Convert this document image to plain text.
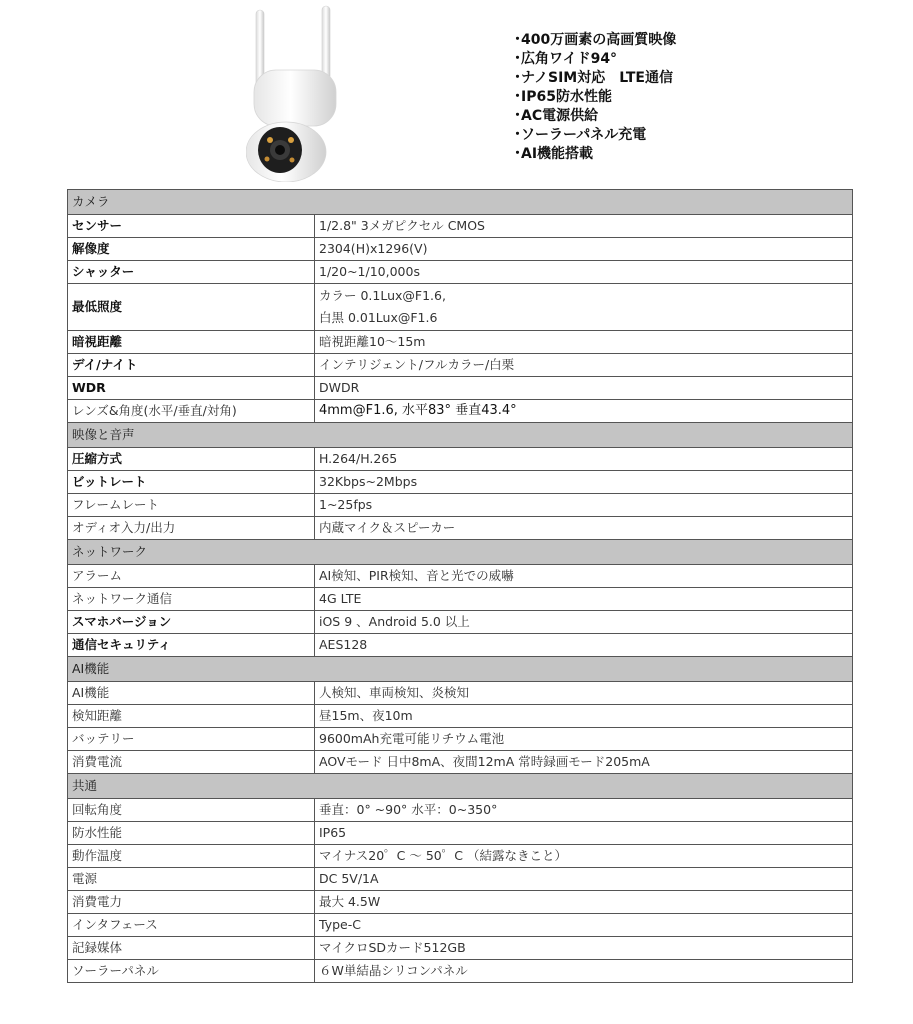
･400万画素の高画質映像
･広角ワイド94°
･ナノSIM対応　LTE通信
･IP65防水性能
･AC電源供給
･ソーラーパネル充電
･AI機能搭載
カメラ	
センサー	1/2.8" 3メガピクセル CMOS
解像度	2304(H)x1296(V)
シャッター	1/20~1/10,000s
最低照度	カラー 0.1Lux@F1.6,
白黒 0.01Lux@F1.6

暗視距離	暗視距離10～15m
デイ/ナイト	インテリジェント/フルカラー/白栗
WDR	DWDR
レンズ&角度(水平/垂直/対角)	4mm@F1.6, 水平83° 垂直43.4°
映像と音声	
圧縮方式	H.264/H.265
ビットレート	32Kbps~2Mbps
フレームレート	1~25fps
オディオ入力/出力	内蔵マイク＆スピーカー
ネットワーク	
アラーム	AI検知、PIR検知、音と光での威嚇
ネットワーク通信	4G LTE
スマホバージョン	iOS 9 、Android 5.0 以上
通信セキュリティ	AES128
AI機能	
AI機能	人検知、車両検知、炎検知
検知距離	昼15m、夜10m
バッテリー	9600mAh充電可能リチウム電池
消費電流	AOVモード 日中8mA、夜間12mA 常時録画モード205mA
共通	
回転角度	垂直：0° ~90° 水平：0~350°
防水性能	IP65
動作温度	マイナス20゜C ～ 50゜C （結露なきこと）
電源	DC 5V/1A
消費電力	最大 4.5W
インタフェース	Type-C
記録媒体	マイクロSDカード512GB
ソーラーパネル	６W単結晶シリコンパネル
